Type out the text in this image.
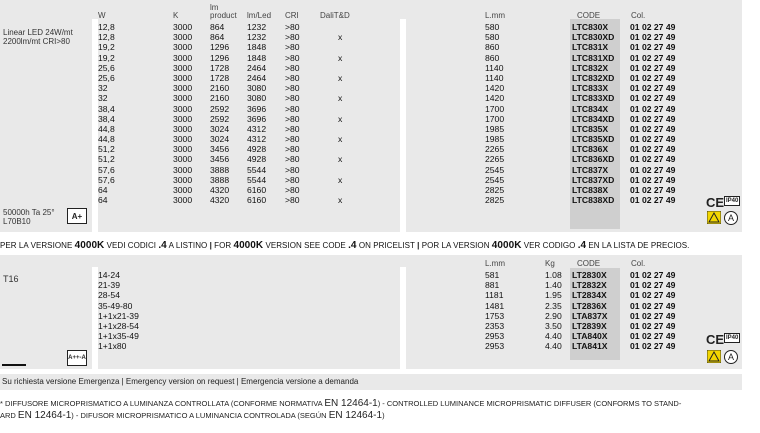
W	K
lm
product lm/Led CRI	DaliT&D	L.mm	CODE	Col.
Linear LED 24W/mt
2200lm/mt CRI>80
50000h Ta 25°
L70B10
A+
12,8	3000 864	1232 >80	580	LTC830X	01 02 27 49
12,8	3000 864	1232 >80	x	580	LTC830XD 01 02 27 49
19,2	3000 1296 1848 >80	860	LTC831X	01 02 27 49
19,2	3000 1296 1848 >80	x	860	LTC831XD 01 02 27 49
25,6	3000 1728 2464 >80	1140	LTC832X	01 02 27 49
25,6	3000 1728 2464 >80	x	1140	LTC832XD 01 02 27 49
32	3000 2160 3080 >80	1420	LTC833X	01 02 27 49
32	3000 2160 3080 >80	x	1420	LTC833XD 01 02 27 49
38,4	3000 2592 3696 >80	1700	LTC834X	01 02 27 49
38,4	3000 2592 3696 >80	x	1700	LTC834XD 01 02 27 49
44,8	3000 3024 4312 >80	1985	LTC835X	01 02 27 49
44,8	3000 3024 4312 >80	x	1985	LTC835XD 01 02 27 49
51,2	3000 3456 4928 >80	2265	LTC836X	01 02 27 49
51,2	3000 3456 4928 >80	x	2265	LTC836XD 01 02 27 49
57,6	3000 3888 5544 >80	2545	LTC837X	01 02 27 49
57,6	3000 3888 5544 >80	x	2545	LTC837XD 01 02 27 49
64	3000 4320 6160 >80	2825	LTC838X	01 02 27 49
64	3000 4320 6160 >80	x	2825	LTC838XD 01 02 27 49 CE IP40
A
PER LA VERSIONE 4000K VEDI CODICI .4 A LISTINO | FOR 4000K VERSION SEE CODE .4 ON PRICELIST | POR LA VERSION 4000K VER CODIGO .4 EN LA LISTA DE PRECIOS.
L.mm	Kg	CODE	Col.
T16
A++-A
14-24	581	1.08 LT2830X	01 02 27 49
21-39	881	1.40 LT2832X	01 02 27 49
28-54	1181	1.95 LT2834X	01 02 27 49
35-49-80	1481	2.35 LT2836X	01 02 27 49
1+1x21-39	1753	2.90 LTA837X	01 02 27 49
1+1x28-54	2353	3.50 LT2839X	01 02 27 49
1+1x35-49	2953	4.40 LTA840X	01 02 27 49
1+1x80	2953	4.40 LTA841X	01 02 27 49 CE IP40
A
Su richiesta versione Emergenza | Emergency version on request | Emergencia versione a demanda
* DIFFUSORE MICROPRISMATICO A LUMINANZA CONTROLLATA (CONFORME NORMATIVA EN 12464-1) - CONTROLLED LUMINANCE MICROPRISMATIC DIFFUSER (CONFORMS TO STAND-
ARD EN 12464-1) - DIFUSOR MICROPRISMATICO A LUMINANCIA CONTROLADA (SEGÚN EN 12464-1)
